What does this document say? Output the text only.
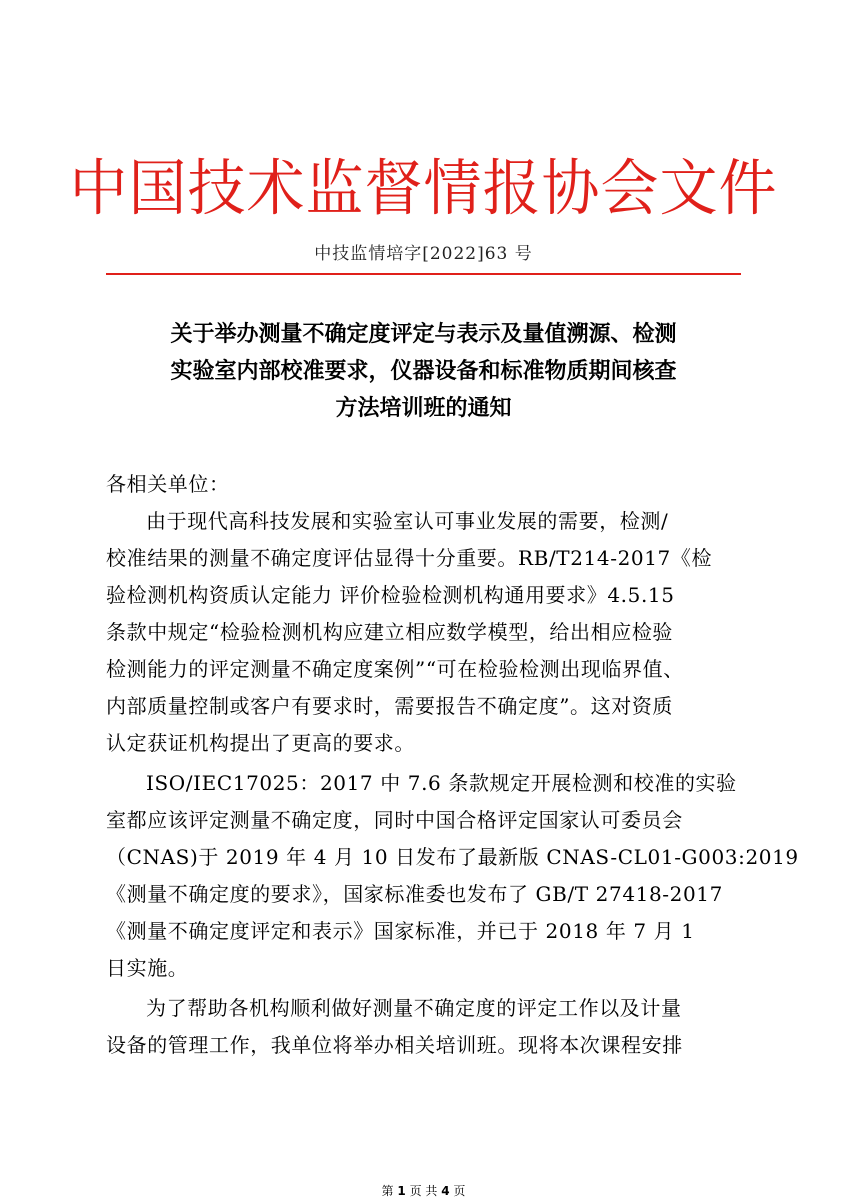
中国技术监督情报协会文件
中技监情培字[2022]63 号
关于举办测量不确定度评定与表示及量值溯源、检测
实验室内部校准要求，仪器设备和标准物质期间核查
方法培训班的通知
各相关单位：
由于现代高科技发展和实验室认可事业发展的需要，检测/
校准结果的测量不确定度评估显得十分重要。RB/T214-2017《检
验检测机构资质认定能力 评价检验检测机构通用要求》4.5.15
条款中规定“检验检测机构应建立相应数学模型，给出相应检验
检测能力的评定测量不确定度案例”“可在检验检测出现临界值、
内部质量控制或客户有要求时，需要报告不确定度”。这对资质
认定获证机构提出了更高的要求。
ISO/IEC17025：2017 中 7.6 条款规定开展检测和校准的实验
室都应该评定测量不确定度，同时中国合格评定国家认可委员会
（CNAS)于 2019 年 4 月 10 日发布了最新版 CNAS-CL01-G003:2019
《测量不确定度的要求》，国家标准委也发布了 GB/T 27418-2017
《测量不确定度评定和表示》国家标准，并已于 2018 年 7 月 1
日实施。
为了帮助各机构顺利做好测量不确定度的评定工作以及计量
设备的管理工作，我单位将举办相关培训班。现将本次课程安排
第 1 页 共 4 页
